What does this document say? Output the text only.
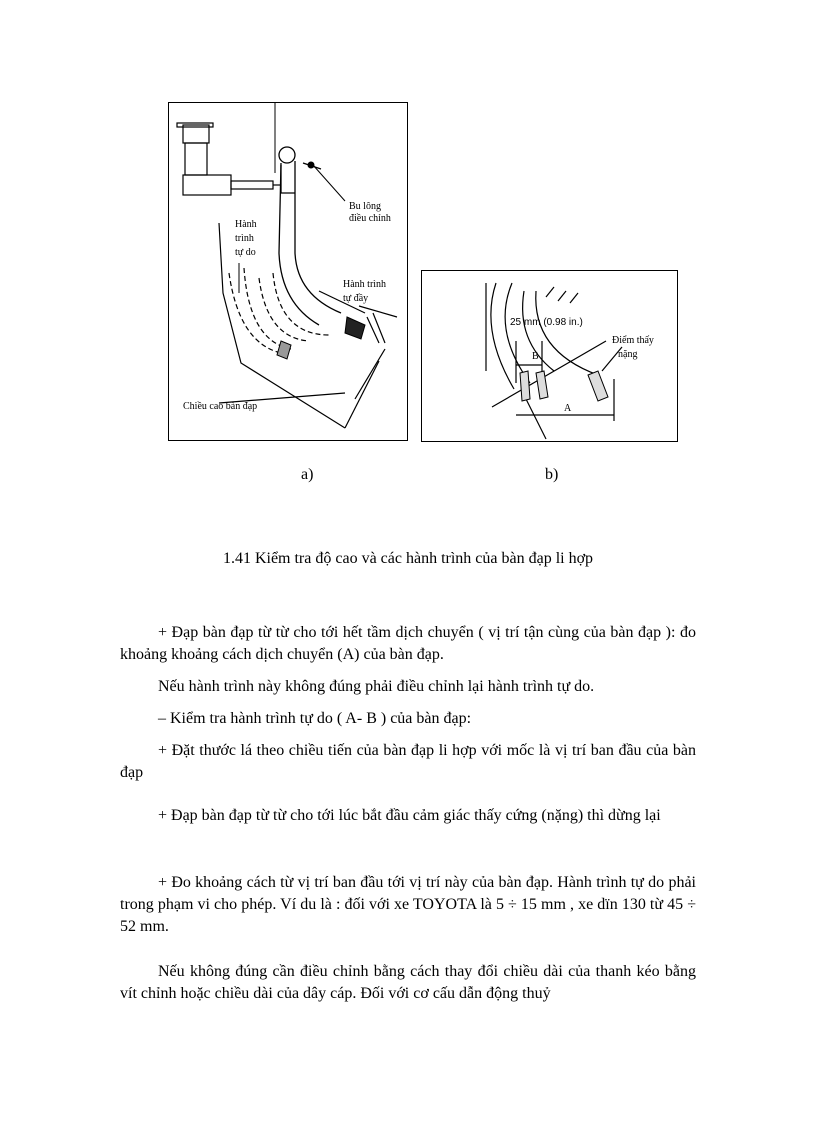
Bu lông
điều chỉnh
Hành
trình
tự do
Hành trình
tự đầy
Chiều cao bàn đạp
25 mm (0.98 in.)
Điểm thấy
nặng
B
A
a)	b)
1.41 Kiểm tra độ cao và các hành trình của bàn đạp li hợp

+ Đạp bàn đạp từ từ cho tới hết tầm dịch chuyển ( vị trí tận cùng của bàn đạp ): đo khoảng khoảng cách dịch chuyển (A) của bàn đạp.

Nếu hành trình này không đúng phải điều chỉnh lại hành trình tự do.

– Kiểm tra hành trình tự do ( A- B ) của bàn đạp:

+ Đặt thước lá theo chiều tiến của bàn đạp li hợp với mốc là vị trí ban đầu của bàn đạp

+ Đạp bàn đạp từ từ cho tới lúc bắt đầu cảm giác thấy cứng (nặng) thì dừng lại

+ Đo khoảng cách từ vị trí ban đầu tới vị trí này của bàn đạp. Hành trình tự do phải trong phạm vi cho phép. Ví du là : đối với xe TOYOTA là 5 ÷ 15 mm , xe dïn 130 từ 45 ÷ 52 mm.

Nếu không đúng cần điều chỉnh bằng cách thay đổi chiều dài của thanh kéo bằng vít chỉnh hoặc chiều dài của dây cáp. Đối với cơ cấu dẫn động thuỷ
